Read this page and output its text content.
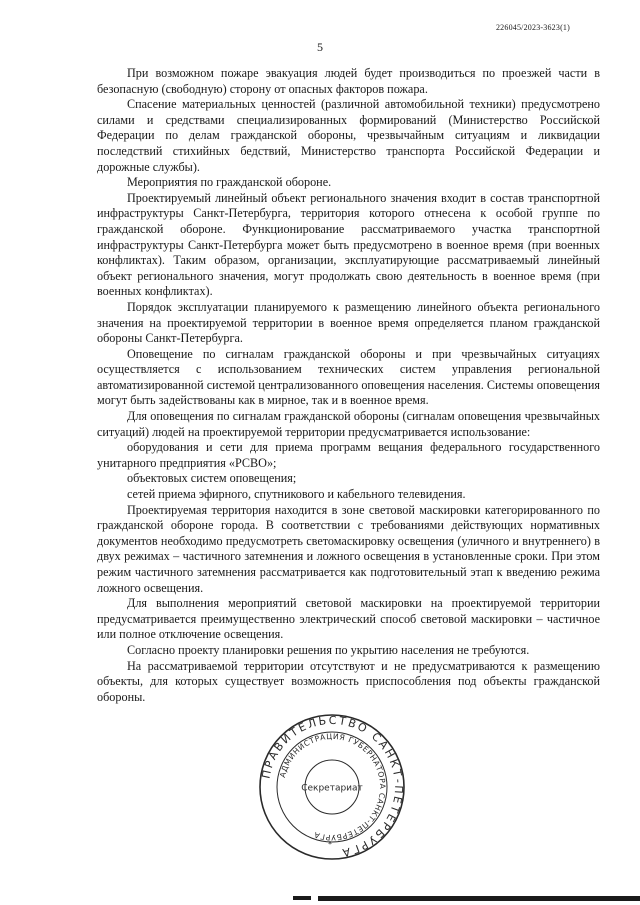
226045/2023-3623(1)
5

При возможном пожаре эвакуация людей будет производиться по проезжей части в безопасную (свободную) сторону от опасных факторов пожара.

Спасение материальных ценностей (различной автомобильной техники) предусмотрено силами и средствами специализированных формирований (Министерство Российской Федерации по делам гражданской обороны, чрезвычайным ситуациям и ликвидации последствий стихийных бедствий, Министерство транспорта Российской Федерации и дорожные службы).

Мероприятия по гражданской обороне.

Проектируемый линейный объект регионального значения входит в состав транспортной инфраструктуры Санкт-Петербурга, территория которого отнесена к особой группе по гражданской обороне. Функционирование рассматриваемого участка транспортной инфраструктуры Санкт-Петербурга может быть предусмотрено в военное время (при военных конфликтах). Таким образом, организации, эксплуатирующие рассматриваемый линейный объект регионального значения, могут продолжать свою деятельность в военное время (при военных конфликтах).

Порядок эксплуатации планируемого к размещению линейного объекта регионального значения на проектируемой территории в военное время определяется планом гражданской обороны Санкт-Петербурга.

Оповещение по сигналам гражданской обороны и при чрезвычайных ситуациях осуществляется с использованием технических систем управления региональной автоматизированной системой централизованного оповещения населения. Системы оповещения могут быть задействованы как в мирное, так и в военное время.

Для оповещения по сигналам гражданской обороны (сигналам оповещения чрезвычайных ситуаций) людей на проектируемой территории предусматривается использование:

оборудования и сети для приема программ вещания федерального государственного унитарного предприятия «РСВО»;

объектовых систем оповещения;

сетей приема эфирного, спутникового и кабельного телевидения.

Проектируемая территория находится в зоне световой маскировки категорированного по гражданской обороне города. В соответствии с требованиями действующих нормативных документов необходимо предусмотреть светомаскировку освещения (уличного и внутреннего) в двух режимах – частичного затемнения и ложного освещения в установленные сроки. При этом режим частичного затемнения рассматривается как подготовительный этап к введению режима ложного освещения.

Для выполнения мероприятий световой маскировки на проектируемой территории предусматривается преимущественно электрический способ световой маскировки – частичное или полное отключение освещения.

Согласно проекту планировки решения по укрытию населения не требуются.

На рассматриваемой территории отсутствуют и не предусматриваются к размещению объекты, для которых существует возможность приспособления под объекты гражданской обороны.

ПРАВИТЕЛЬСТВО САНКТ-ПЕТЕРБУРГА
АДМИНИСТРАЦИЯ ГУБЕРНАТОРА САНКТ-ПЕТЕРБУРГА
Секретариат
*
